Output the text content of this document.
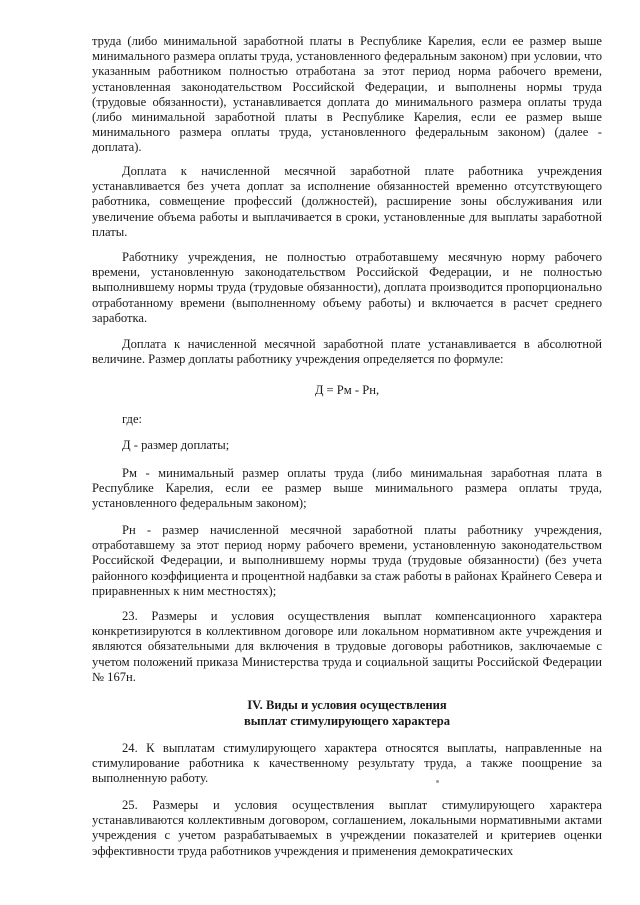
труда (либо минимальной заработной платы в Республике Карелия, если ее размер выше минимального размера оплаты труда, установленного федеральным законом) при условии, что указанным работником полностью отработана за этот период норма рабочего времени, установленная законодательством Российской Федерации, и выполнены нормы труда (трудовые обязанности), устанавливается доплата до минимального размера оплаты труда (либо минимальной заработной платы в Республике Карелия, если ее размер выше минимального размера оплаты труда, установленного федеральным законом) (далее - доплата).

Доплата к начисленной месячной заработной плате работника учреждения устанавливается без учета доплат за исполнение обязанностей временно отсутствующего работника, совмещение профессий (должностей), расширение зоны обслуживания или увеличение объема работы и выплачивается в сроки, установленные для выплаты заработной платы.

Работнику учреждения, не полностью отработавшему месячную норму рабочего времени, установленную законодательством Российской Федерации, и не полностью выполнившему нормы труда (трудовые обязанности), доплата производится пропорционально отработанному времени (выполненному объему работы) и включается в расчет среднего заработка.

Доплата к начисленной месячной заработной плате устанавливается в абсолютной величине. Размер доплаты работнику учреждения определяется по формуле:

Д = Рм - Рн,

где:

Д - размер доплаты;

Рм - минимальный размер оплаты труда (либо минимальная заработная плата в Республике Карелия, если ее размер выше минимального размера оплаты труда, установленного федеральным законом);

Рн - размер начисленной месячной заработной платы работнику учреждения, отработавшему за этот период норму рабочего времени, установленную законодательством Российской Федерации, и выполнившему нормы труда (трудовые обязанности) (без учета районного коэффициента и процентной надбавки за стаж работы в районах Крайнего Севера и приравненных к ним местностях);

23. Размеры и условия осуществления выплат компенсационного характера конкретизируются в коллективном договоре или локальном нормативном акте учреждения и являются обязательными для включения в трудовые договоры работников, заключаемые с учетом положений приказа Министерства труда и социальной защиты Российской Федерации № 167н.

IV. Виды и условия осуществления

выплат стимулирующего характера

24. К выплатам стимулирующего характера относятся выплаты, направленные на стимулирование работника к качественному результату труда, а также поощрение за выполненную работу.

25. Размеры и условия осуществления выплат стимулирующего характера устанавливаются коллективным договором, соглашением, локальными нормативными актами учреждения с учетом разрабатываемых в учреждении показателей и критериев оценки эффективности труда работников учреждения и применения демократических
